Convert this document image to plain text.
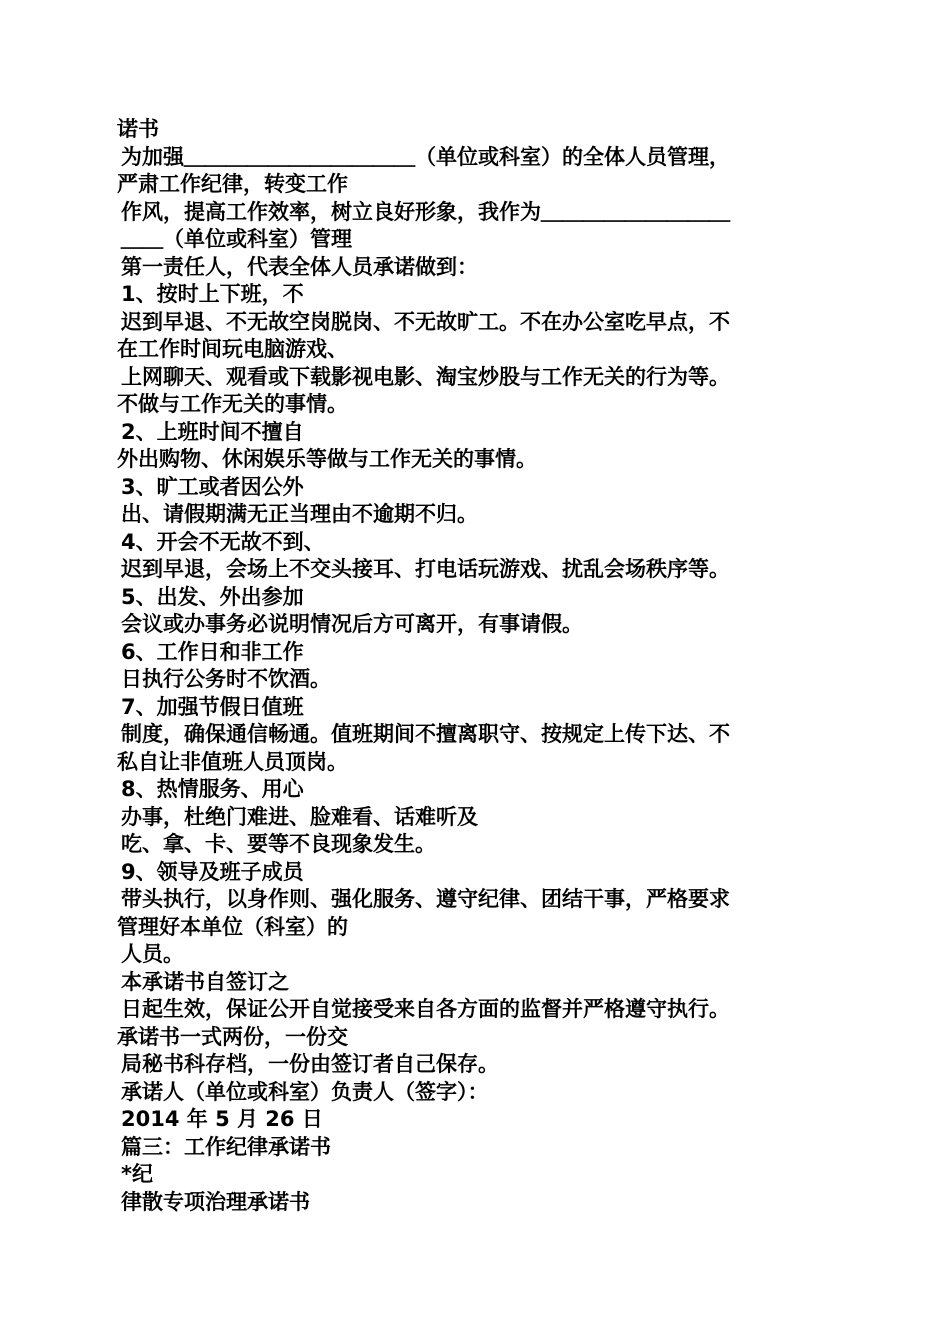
诺书
为加强＿＿＿＿＿＿＿＿＿＿＿（单位或科室）的全体人员管理，
严肃工作纪律，转变工作
作风，提高工作效率，树立良好形象，我作为＿＿＿＿＿＿＿＿＿
＿＿（单位或科室）管理
第一责任人，代表全体人员承诺做到：
1、按时上下班，不
迟到早退、不无故空岗脱岗、不无故旷工。不在办公室吃早点，不
在工作时间玩电脑游戏、
上网聊天、观看或下载影视电影、淘宝炒股与工作无关的行为等。
不做与工作无关的事情。
2、上班时间不擅自
外出购物、休闲娱乐等做与工作无关的事情。
3、旷工或者因公外
出、请假期满无正当理由不逾期不归。
4、开会不无故不到、
迟到早退，会场上不交头接耳、打电话玩游戏、扰乱会场秩序等。
5、出发、外出参加
会议或办事务必说明情况后方可离开，有事请假。
6、工作日和非工作
日执行公务时不饮酒。
7、加强节假日值班
制度，确保通信畅通。值班期间不擅离职守、按规定上传下达、不
私自让非值班人员顶岗。
8、热情服务、用心
办事，杜绝门难进、脸难看、话难听及
吃、拿、卡、要等不良现象发生。
9、领导及班子成员
带头执行，以身作则、强化服务、遵守纪律、团结干事，严格要求
管理好本单位（科室）的
人员。
本承诺书自签订之
日起生效，保证公开自觉接受来自各方面的监督并严格遵守执行。
承诺书一式两份，一份交
局秘书科存档，一份由签订者自己保存。
承诺人（单位或科室）负责人（签字）：
2014 年 5 月 26 日
篇三：工作纪律承诺书
*纪
律散专项治理承诺书
